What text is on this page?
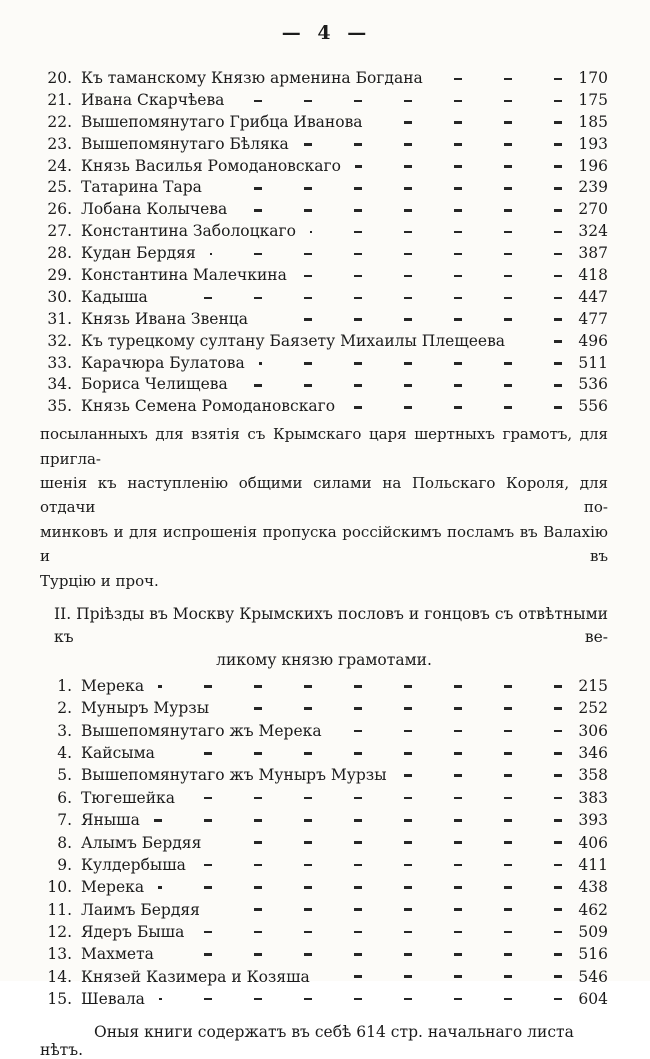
— 4 —
20. Къ таманскому Князю арменина Богдана	170
21. Ивана Скарчѣева	175
22. Вышепомянутаго Грибца Иванова	185
23. Вышепомянутаго Бѣляка	193
24. Князь Василья Ромодановскаго	196
25. Татарина Тара	239
26. Лобана Колычева	270
27. Константина Заболоцкаго	324
28. Кудан Бердяя	387
29. Константина Малечкина	418
30. Кадыша	447
31. Князь Ивана Звенца	477
32. Къ турецкому султану Баязету Михаилы Плещеева	496
33. Карачюра Булатова	511
34. Бориса Челищева	536
35. Князь Семена Ромодановскаго	556
посыланныхъ для взятія съ Крымскаго царя шертныхъ грамотъ, для пригла-
шенія къ наступленію общими силами на Польскаго Короля, для отдачи по-
минковъ и для испрошенія пропуска россійскимъ посламъ въ Валахію и въ
Турцію и проч.
II. Пріѣзды въ Москву Крымскихъ пословъ и гонцовъ съ отвѣтными къ ве-
ликому князю грамотами.
1. Мерека	215
2. Муныръ Мурзы	252
3. Вышепомянутаго жъ Мерека	306
4. Кайсыма	346
5. Вышепомянутаго жъ Муныръ Мурзы	358
6. Тюгешейка	383
7. Яныша	393
8. Алымъ Бердяя	406
9. Кулдербыша	411
10. Мерека	438
11. Лаимъ Бердяя	462
12. Ядеръ Быша	509
13. Махмета	516
14. Князей Казимера и Козяша	546
15. Шевала	604
Оныя книги содержатъ въ себѣ 614 стр. начальнаго листа нѣтъ.
